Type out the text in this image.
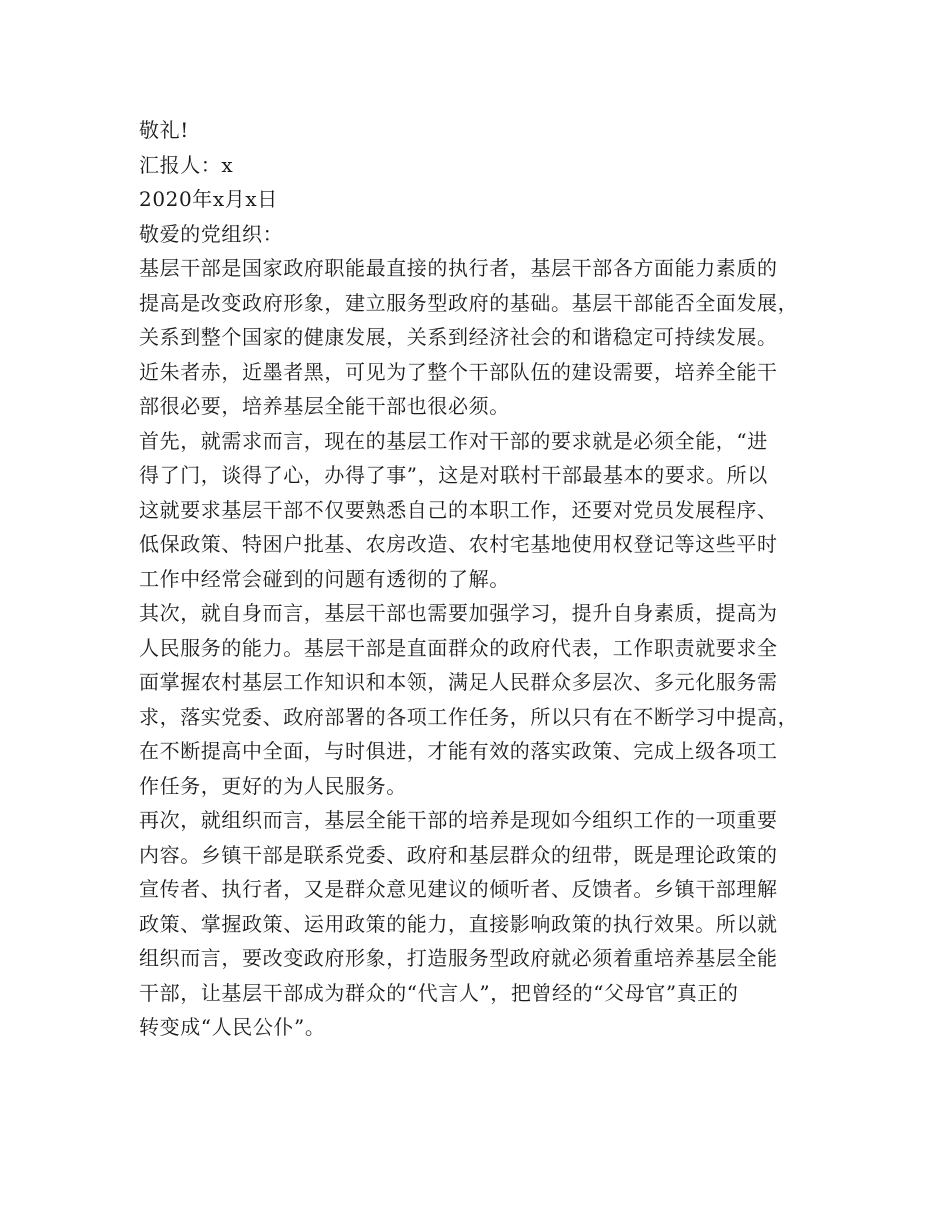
敬礼!
汇报人：x
2020年x月x日
敬爱的党组织：
基层干部是国家政府职能最直接的执行者，基层干部各方面能力素质的
提高是改变政府形象，建立服务型政府的基础。基层干部能否全面发展，
关系到整个国家的健康发展，关系到经济社会的和谐稳定可持续发展。
近朱者赤，近墨者黑，可见为了整个干部队伍的建设需要，培养全能干
部很必要，培养基层全能干部也很必须。
首先，就需求而言，现在的基层工作对干部的要求就是必须全能，“进
得了门，谈得了心，办得了事”，这是对联村干部最基本的要求。所以
这就要求基层干部不仅要熟悉自己的本职工作，还要对党员发展程序、
低保政策、特困户批基、农房改造、农村宅基地使用权登记等这些平时
工作中经常会碰到的问题有透彻的了解。
其次，就自身而言，基层干部也需要加强学习，提升自身素质，提高为
人民服务的能力。基层干部是直面群众的政府代表，工作职责就要求全
面掌握农村基层工作知识和本领，满足人民群众多层次、多元化服务需
求，落实党委、政府部署的各项工作任务，所以只有在不断学习中提高，
在不断提高中全面，与时俱进，才能有效的落实政策、完成上级各项工
作任务，更好的为人民服务。
再次，就组织而言，基层全能干部的培养是现如今组织工作的一项重要
内容。乡镇干部是联系党委、政府和基层群众的纽带，既是理论政策的
宣传者、执行者，又是群众意见建议的倾听者、反馈者。乡镇干部理解
政策、掌握政策、运用政策的能力，直接影响政策的执行效果。所以就
组织而言，要改变政府形象，打造服务型政府就必须着重培养基层全能
干部，让基层干部成为群众的“代言人”，把曾经的“父母官”真正的
转变成“人民公仆”。
